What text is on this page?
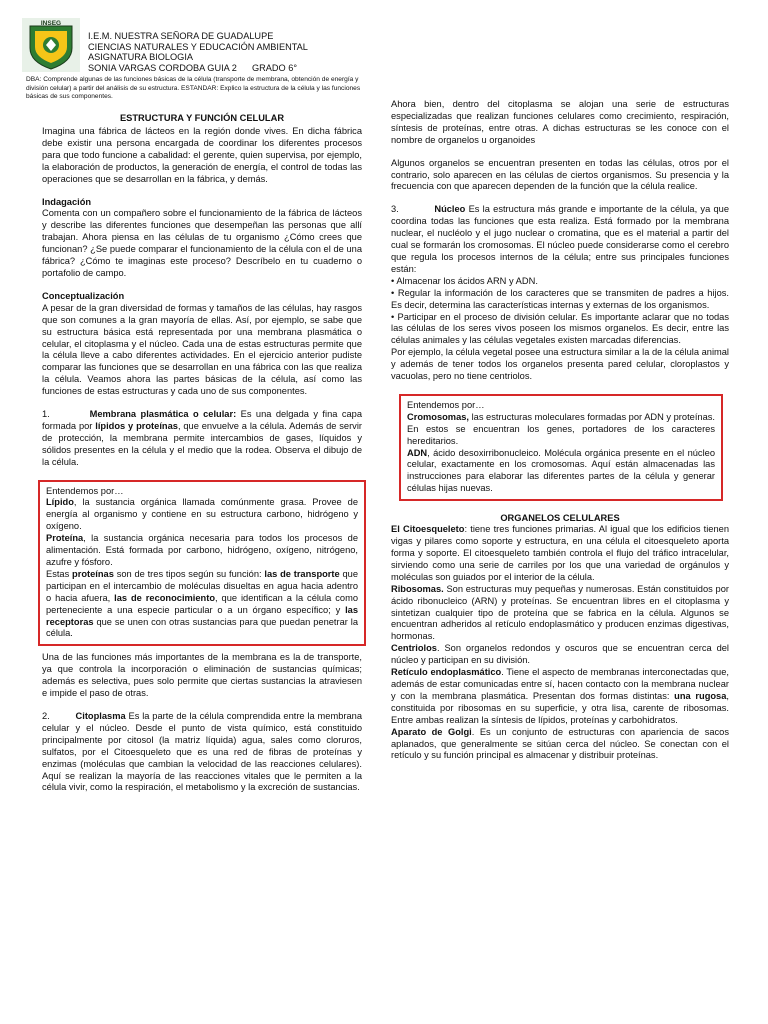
INSEG
I.E.M. NUESTRA SEÑORA DE GUADALUPE
CIENCIAS NATURALES Y EDUCACIÓN AMBIENTAL
ASIGNATURA BIOLOGIA
SONIA VARGAS CORDOBA GUIA 2 GRADO 6°
DBA: Comprende algunas de las funciones básicas de la célula (transporte de membrana, obtención de energía y división celular) a partir del análisis de su estructura. ESTANDAR: Explico la estructura de la célula y las funciones básicas de sus componentes.
ESTRUCTURA Y FUNCIÓN CELULAR

Imagina una fábrica de lácteos en la región donde vives. En dicha fábrica debe existir una persona encargada de coordinar los diferentes procesos para que todo funcione a cabalidad: el gerente, quien supervisa, por ejemplo, la elaboración de productos, la generación de energía, el control de todas las operaciones que se desarrollan en la fábrica, y demás.

Indagación

Comenta con un compañero sobre el funcionamiento de la fábrica de lácteos y describe las diferentes funciones que desempeñan las personas que allí trabajan. Ahora piensa en las células de tu organismo ¿Cómo crees que funcionan? ¿Se puede comparar el funcionamiento de la célula con el de una fábrica? ¿Cómo te imaginas este proceso? Descríbelo en tu cuaderno o portafolio de campo.

Conceptualización

A pesar de la gran diversidad de formas y tamaños de las células, hay rasgos que son comunes a la gran mayoría de ellas. Así, por ejemplo, se sabe que su estructura básica está representada por una membrana plasmática o celular, el citoplasma y el núcleo. Cada una de estas estructuras permite que la célula lleve a cabo diferentes actividades. En el ejercicio anterior pudiste comparar las funciones que se desarrollan en una fábrica con las que realiza la célula. Veamos ahora las partes básicas de la célula, así como las funciones de estas estructuras y cada uno de sus componentes.

1.	Membrana plasmática o celular: Es una delgada y fina capa formada por lípidos y proteínas, que envuelve a la célula. Además de servir de protección, la membrana permite intercambios de gases, líquidos y sólidos presentes en la célula y el medio que la rodea. Observa el dibujo de la célula.

Entendemos por…

Lípido, la sustancia orgánica llamada comúnmente grasa. Provee de energía al organismo y contiene en su estructura carbono, hidrógeno y oxígeno.

Proteína, la sustancia orgánica necesaria para todos los procesos de alimentación. Está formada por carbono, hidrógeno, oxígeno, nitrógeno, azufre y fósforo.

Estas proteínas son de tres tipos según su función: las de transporte que participan en el intercambio de moléculas disueltas en agua hacia adentro o hacia afuera, las de reconocimiento, que identifican a la célula como perteneciente a una especie particular o a un órgano específico; y las receptoras que se unen con otras sustancias para que puedan penetrar la célula.

Una de las funciones más importantes de la membrana es la de transporte, ya que controla la incorporación o eliminación de sustancias químicas; además es selectiva, pues solo permite que ciertas sustancias la atraviesen e impide el paso de otras.

2.	Citoplasma Es la parte de la célula comprendida entre la membrana celular y el núcleo. Desde el punto de vista químico, está constituido principalmente por citosol (la matriz líquida) agua, sales como cloruros, sulfatos, por el Citoesqueleto que es una red de fibras de proteínas y enzimas (moléculas que cambian la velocidad de las reacciones celulares). Aquí se realizan la mayoría de las reacciones vitales que le permiten a la célula vivir, como la respiración, el metabolismo y la excreción de sustancias.

Ahora bien, dentro del citoplasma se alojan una serie de estructuras especializadas que realizan funciones celulares como crecimiento, respiración, síntesis de proteínas, entre otras. A dichas estructuras se les conoce con el nombre de organelos u organoides

Algunos organelos se encuentran presenten en todas las células, otros por el contrario, solo aparecen en las células de ciertos organismos. Su presencia y la frecuencia con que aparecen dependen de la función que la célula realice.

3.	Núcleo Es la estructura más grande e importante de la célula, ya que coordina todas las funciones que esta realiza. Está formado por la membrana nuclear, el nucléolo y el jugo nuclear o cromatina, que es el material a partir del cual se formarán los cromosomas. El núcleo puede considerarse como el cerebro que regula los procesos internos de la célula; entre sus principales funciones están:

• Almacenar los ácidos ARN y ADN.

• Regular la información de los caracteres que se transmiten de padres a hijos. Es decir, determina las características internas y externas de los organismos.

• Participar en el proceso de división celular. Es importante aclarar que no todas las células de los seres vivos poseen los mismos organelos. Es decir, entre las células animales y las células vegetales existen marcadas diferencias.

Por ejemplo, la célula vegetal posee una estructura similar a la de la célula animal y además de tener todos los organelos presenta pared celular, cloroplastos y vacuolas, pero no tiene centriolos.

Entendemos por…

Cromosomas, las estructuras moleculares formadas por ADN y proteínas. En estos se encuentran los genes, portadores de los caracteres hereditarios.

ADN, ácido desoxirribonucleico. Molécula orgánica presente en el núcleo celular, exactamente en los cromosomas. Aquí están almacenadas las instrucciones para elaborar las diferentes partes de la célula y generar células hijas nuevas.

ORGANELOS CELULARES

El Citoesqueleto: tiene tres funciones primarias. Al igual que los edificios tienen vigas y pilares como soporte y estructura, en una célula el citoesqueleto aporta forma y soporte. El citoesqueleto también controla el flujo del tráfico intracelular, sirviendo como una serie de carriles por los que una variedad de orgánulos y moléculas son guiados por el interior de la célula.

Ribosomas. Son estructuras muy pequeñas y numerosas. Están constituidos por ácido ribonucleico (ARN) y proteínas. Se encuentran libres en el citoplasma y sintetizan cualquier tipo de proteína que se fabrica en la célula. Algunos se encuentran adheridos al retículo endoplasmático y producen enzimas digestivas, hormonas.

Centriolos. Son organelos redondos y oscuros que se encuentran cerca del núcleo y participan en su división.

Retículo endoplasmático. Tiene el aspecto de membranas interconectadas que, además de estar comunicadas entre sí, hacen contacto con la membrana nuclear y con la membrana plasmática. Presentan dos formas distintas: una rugosa, constituida por ribosomas en su superficie, y otra lisa, carente de ribosomas. Entre ambas realizan la síntesis de lípidos, proteínas y carbohidratos.

Aparato de Golgi. Es un conjunto de estructuras con apariencia de sacos aplanados, que generalmente se sitúan cerca del núcleo. Se conectan con el retículo y su función principal es almacenar y distribuir proteínas.
